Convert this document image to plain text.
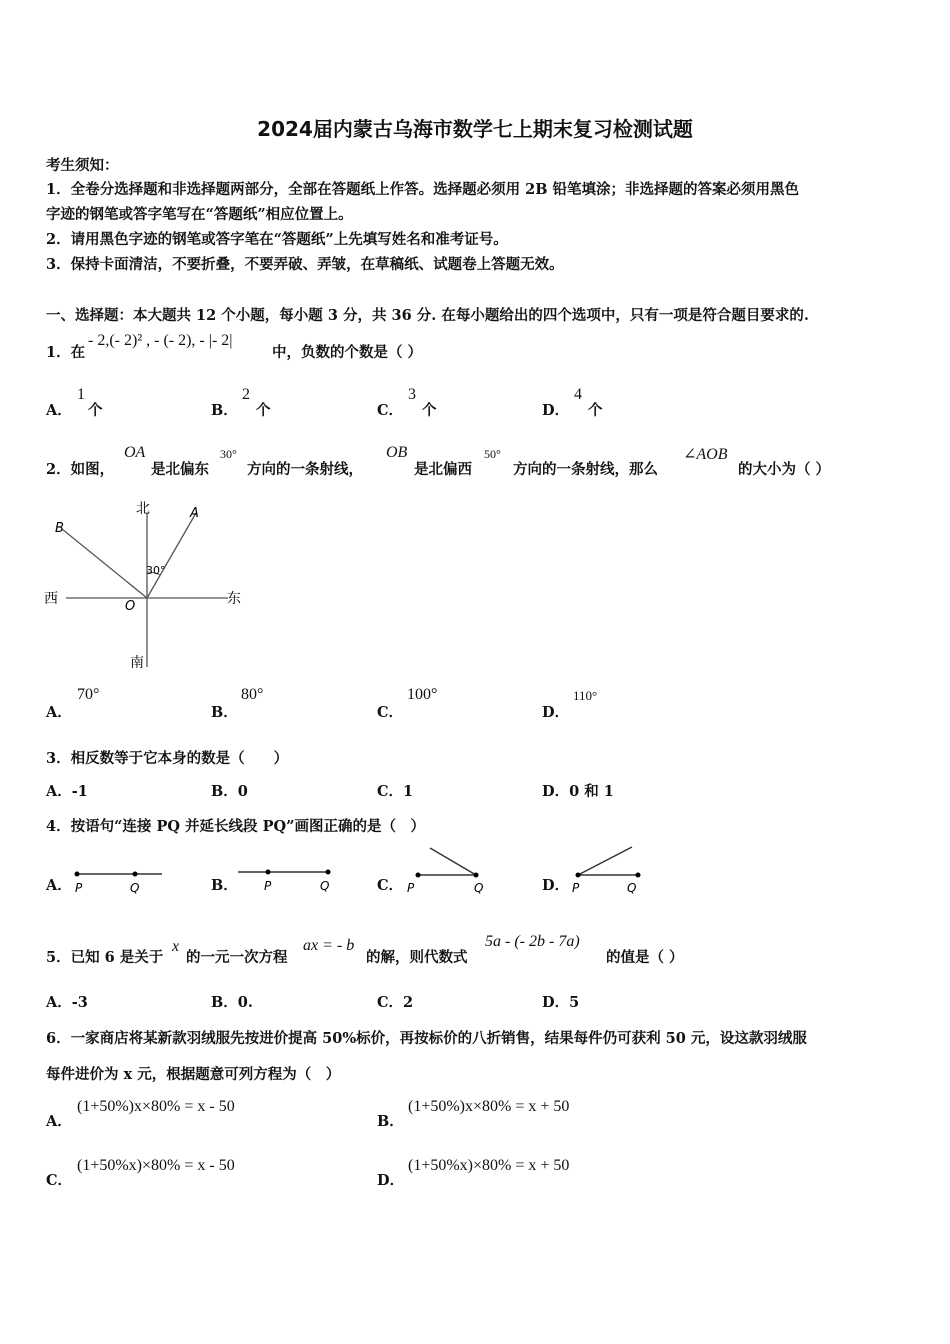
2024届内蒙古乌海市数学七上期末复习检测试题
考生须知：
1．全卷分选择题和非选择题两部分，全部在答题纸上作答。选择题必须用 2B 铅笔填涂；非选择题的答案必须用黑色
字迹的钢笔或答字笔写在“答题纸”相应位置上。
2．请用黑色字迹的钢笔或答字笔在“答题纸”上先填写姓名和准考证号。
3．保持卡面清洁，不要折叠，不要弄破、弄皱，在草稿纸、试题卷上答题无效。
一、选择题：本大题共 12 个小题，每小题 3 分，共 36 分. 在每小题给出的四个选项中，只有一项是符合题目要求的.
1．在
- 2,(- 2)² , - (- 2), - |- 2|
中，负数的个数是（ ）
A．
1
个	B．
2
个	C．
3
个	D．
4
个
2．如图，
OA
是北偏东
30°
方向的一条射线，
OB
是北偏西
50°
方向的一条射线，那么
∠AOB
的大小为（ ）
北
南
西	东
A
B
O
30°
A．
70°
B．
80°
C．
100°
D．
110°
3．相反数等于它本身的数是（　　）
A．-1	B．0	C．1	D．0 和 1
4．按语句“连接 PQ 并延长线段 PQ”画图正确的是（　）
A． P	Q	B． P	Q	C． P	Q	D． P	Q
5．已知 6 是关于
x
的一元一次方程
ax = - b
的解，则代数式
5a - (- 2b - 7a)
的值是（ ）
A．-3	B．0.	C．2	D．5
6．一家商店将某新款羽绒服先按进价提高 50%标价，再按标价的八折销售，结果每件仍可获利 50 元，设这款羽绒服
每件进价为 x 元，根据题意可列方程为（　）
A．
(1+50%)x×80% = x - 50
B．
(1+50%)x×80% = x + 50
C．
(1+50%x)×80% = x - 50
D．
(1+50%x)×80% = x + 50
